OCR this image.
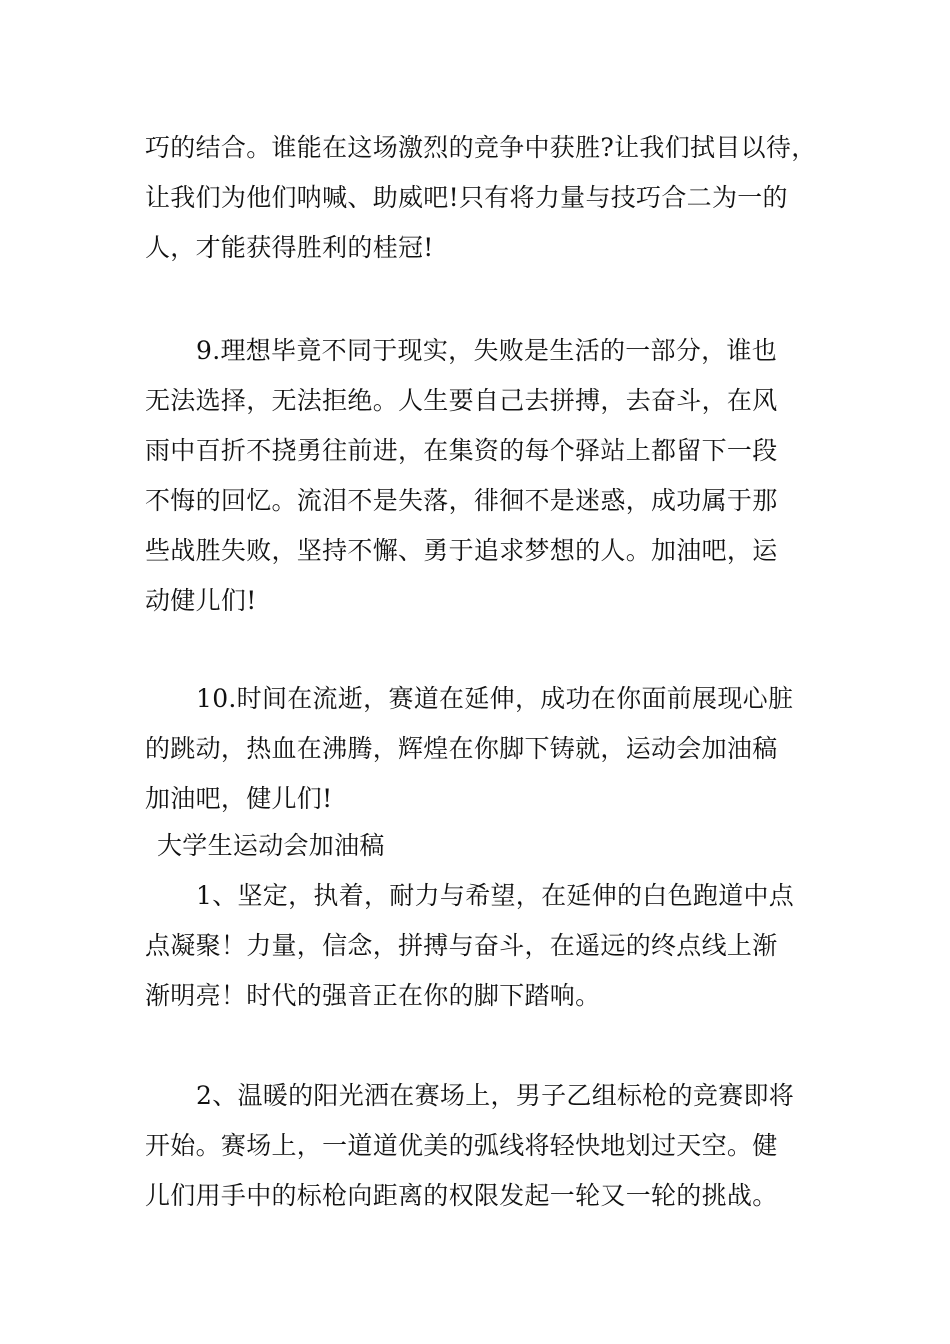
巧的结合。谁能在这场激烈的竞争中获胜?让我们拭目以待，
让我们为他们呐喊、助威吧!只有将力量与技巧合二为一的
人，才能获得胜利的桂冠!
9.理想毕竟不同于现实，失败是生活的一部分，谁也
无法选择，无法拒绝。人生要自己去拼搏，去奋斗，在风
雨中百折不挠勇往前进，在集资的每个驿站上都留下一段
不悔的回忆。流泪不是失落，徘徊不是迷惑，成功属于那
些战胜失败，坚持不懈、勇于追求梦想的人。加油吧，运
动健儿们!
10.时间在流逝，赛道在延伸，成功在你面前展现心脏
的跳动，热血在沸腾，辉煌在你脚下铸就，运动会加油稿
加油吧，健儿们!
大学生运动会加油稿
1、坚定，执着，耐力与希望，在延伸的白色跑道中点
点凝聚！力量，信念，拼搏与奋斗，在遥远的终点线上渐
渐明亮！时代的强音正在你的脚下踏响。
2、温暖的阳光洒在赛场上，男子乙组标枪的竞赛即将
开始。赛场上，一道道优美的弧线将轻快地划过天空。健
儿们用手中的标枪向距离的权限发起一轮又一轮的挑战。
